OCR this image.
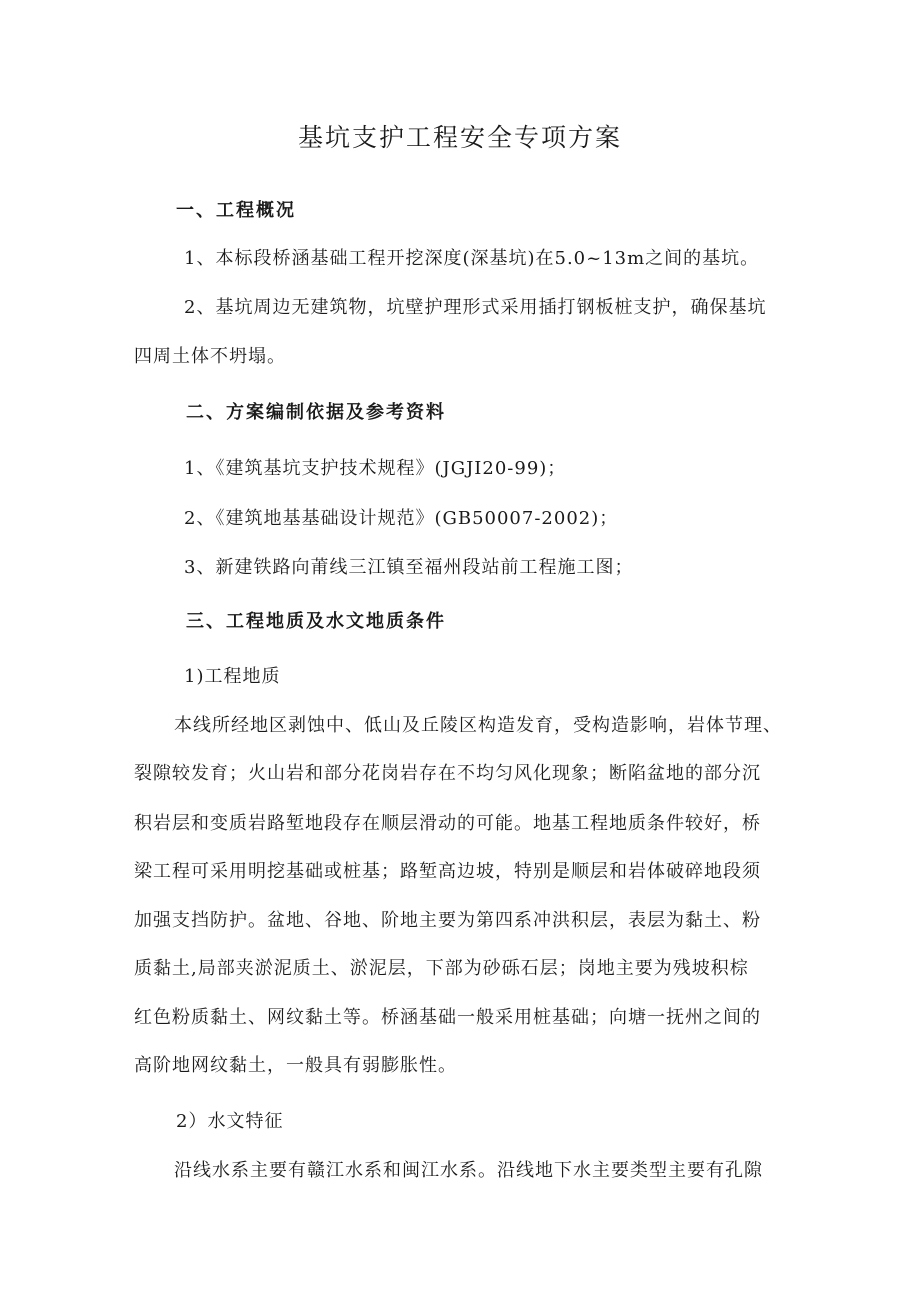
基坑支护工程安全专项方案
一、工程概况
1、本标段桥涵基础工程开挖深度(深基坑)在5.0~13m之间的基坑。
2、基坑周边无建筑物，坑壁护理形式采用插打钢板桩支护，确保基坑
四周土体不坍塌。
二、方案编制依据及参考资料
1、《建筑基坑支护技术规程》(JGJI20-99)；
2、《建筑地基基础设计规范》(GB50007-2002)；
3、新建铁路向莆线三江镇至福州段站前工程施工图；
三、工程地质及水文地质条件
1)工程地质
本线所经地区剥蚀中、低山及丘陵区构造发育，受构造影响，岩体节理、
裂隙较发育；火山岩和部分花岗岩存在不均匀风化现象；断陷盆地的部分沉
积岩层和变质岩路堑地段存在顺层滑动的可能。地基工程地质条件较好，桥
梁工程可采用明挖基础或桩基；路堑高边坡，特别是顺层和岩体破碎地段须
加强支挡防护。盆地、谷地、阶地主要为第四系冲洪积层，表层为黏土、粉
质黏土,局部夹淤泥质土、淤泥层，下部为砂砾石层；岗地主要为残坡积棕
红色粉质黏土、网纹黏土等。桥涵基础一般采用桩基础；向塘一抚州之间的
高阶地网纹黏土，一般具有弱膨胀性。
2）水文特征
沿线水系主要有赣江水系和闽江水系。沿线地下水主要类型主要有孔隙
